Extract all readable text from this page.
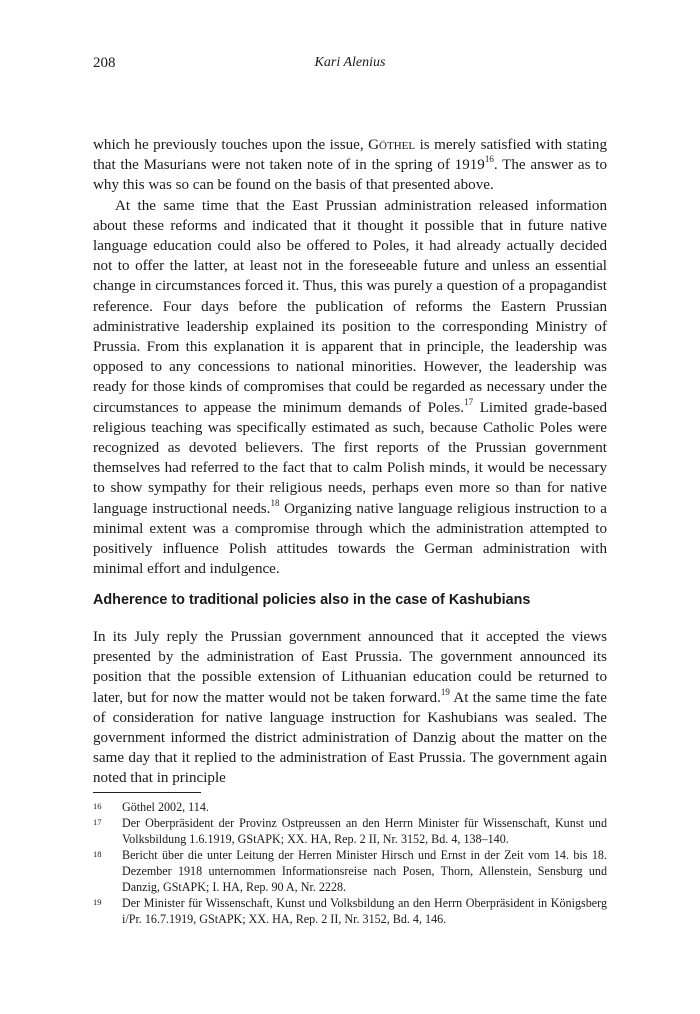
208	Kari Alenius

which he previously touches upon the issue, Göthel is merely satisfied with stating that the Masurians were not taken note of in the spring of 1919$^{16}$. The answer as to why this was so can be found on the basis of that presented above.

At the same time that the East Prussian administration released information about these reforms and indicated that it thought it possible that in future native language education could also be offered to Poles, it had already actually decided not to offer the latter, at least not in the foreseeable future and unless an essential change in circumstances forced it. Thus, this was purely a question of a propagandist reference. Four days before the publication of reforms the Eastern Prussian administrative leadership explained its position to the corresponding Ministry of Prussia. From this explanation it is apparent that in principle, the leadership was opposed to any concessions to national minorities. However, the leadership was ready for those kinds of compromises that could be regarded as necessary under the circumstances to appease the minimum demands of Poles.$^{17}$ Limited grade-based religious teaching was specifically estimated as such, because Catholic Poles were recognized as devoted believers. The first reports of the Prussian government themselves had referred to the fact that to calm Polish minds, it would be necessary to show sympathy for their religious needs, perhaps even more so than for native language instructional needs.$^{18}$ Organizing native language religious instruction to a minimal extent was a compromise through which the administration attempted to positively influence Polish attitudes towards the German administration with minimal effort and indulgence.

Adherence to traditional policies also in the case of Kashubians

In its July reply the Prussian government announced that it accepted the views presented by the administration of East Prussia. The government announced its position that the possible extension of Lithuanian education could be returned to later, but for now the matter would not be taken forward.$^{19}$ At the same time the fate of consideration for native language instruction for Kashubians was sealed. The government informed the district administration of Danzig about the matter on the same day that it replied to the administration of East Prussia. The government again noted that in principle

16 Göthel 2002, 114.
17 Der Oberpräsident der Provinz Ostpreussen an den Herrn Minister für Wissenschaft, Kunst und Volksbildung 1.6.1919, GStAPK; XX. HA, Rep. 2 II, Nr. 3152, Bd. 4, 138–140.
18 Bericht über die unter Leitung der Herren Minister Hirsch und Ernst in der Zeit vom 14. bis 18. Dezember 1918 unternommen Informationsreise nach Posen, Thorn, Allenstein, Sensburg und Danzig, GStAPK; I. HA, Rep. 90 A, Nr. 2228.
19 Der Minister für Wissenschaft, Kunst und Volksbildung an den Herrn Oberpräsident in Königsberg i/Pr. 16.7.1919, GStAPK; XX. HA, Rep. 2 II, Nr. 3152, Bd. 4, 146.
